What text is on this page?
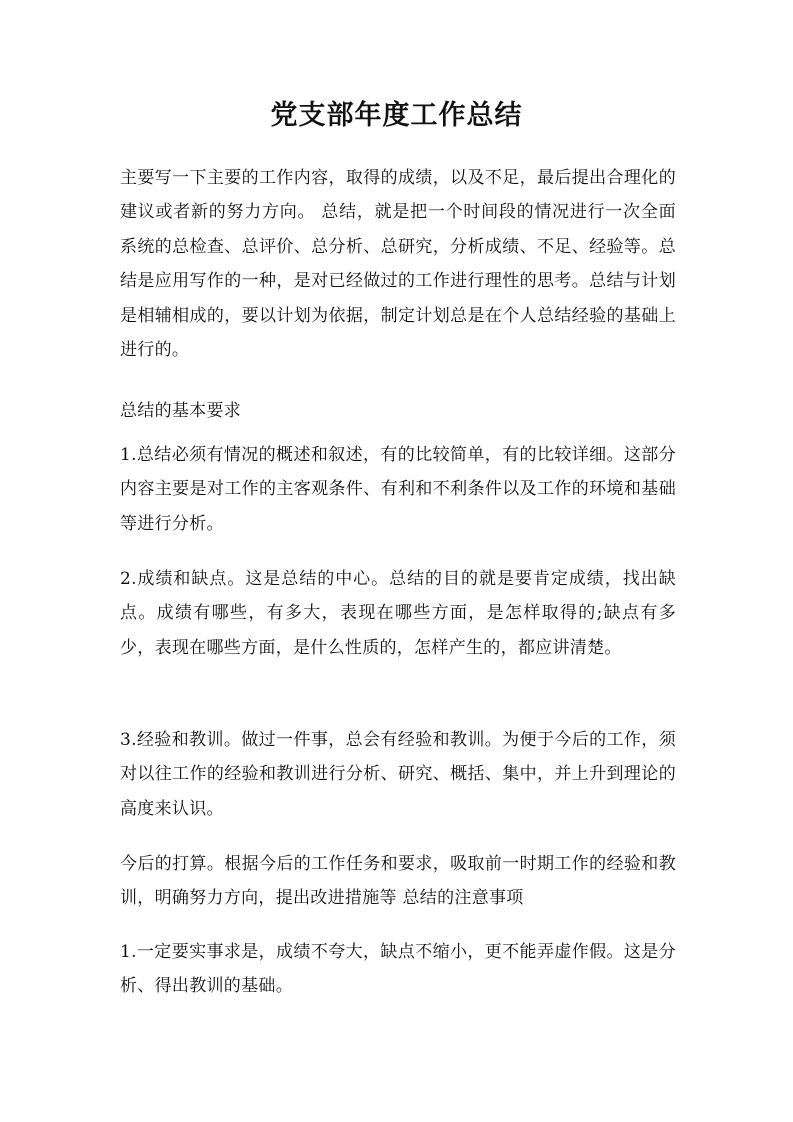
党支部年度工作总结

主要写一下主要的工作内容，取得的成绩，以及不足，最后提出合理化的建议或者新的努力方向。 总结，就是把一个时间段的情况进行一次全面系统的总检查、总评价、总分析、总研究，分析成绩、不足、经验等。总结是应用写作的一种，是对已经做过的工作进行理性的思考。总结与计划是相辅相成的，要以计划为依据，制定计划总是在个人总结经验的基础上进行的。

总结的基本要求

1.总结必须有情况的概述和叙述，有的比较简单，有的比较详细。这部分内容主要是对工作的主客观条件、有利和不利条件以及工作的环境和基础等进行分析。

2.成绩和缺点。这是总结的中心。总结的目的就是要肯定成绩，找出缺点。成绩有哪些，有多大，表现在哪些方面，是怎样取得的;缺点有多少，表现在哪些方面，是什么性质的，怎样产生的，都应讲清楚。

3.经验和教训。做过一件事，总会有经验和教训。为便于今后的工作，须对以往工作的经验和教训进行分析、研究、概括、集中，并上升到理论的高度来认识。

今后的打算。根据今后的工作任务和要求，吸取前一时期工作的经验和教训，明确努力方向，提出改进措施等 总结的注意事项

1.一定要实事求是，成绩不夸大，缺点不缩小，更不能弄虚作假。这是分析、得出教训的基础。
